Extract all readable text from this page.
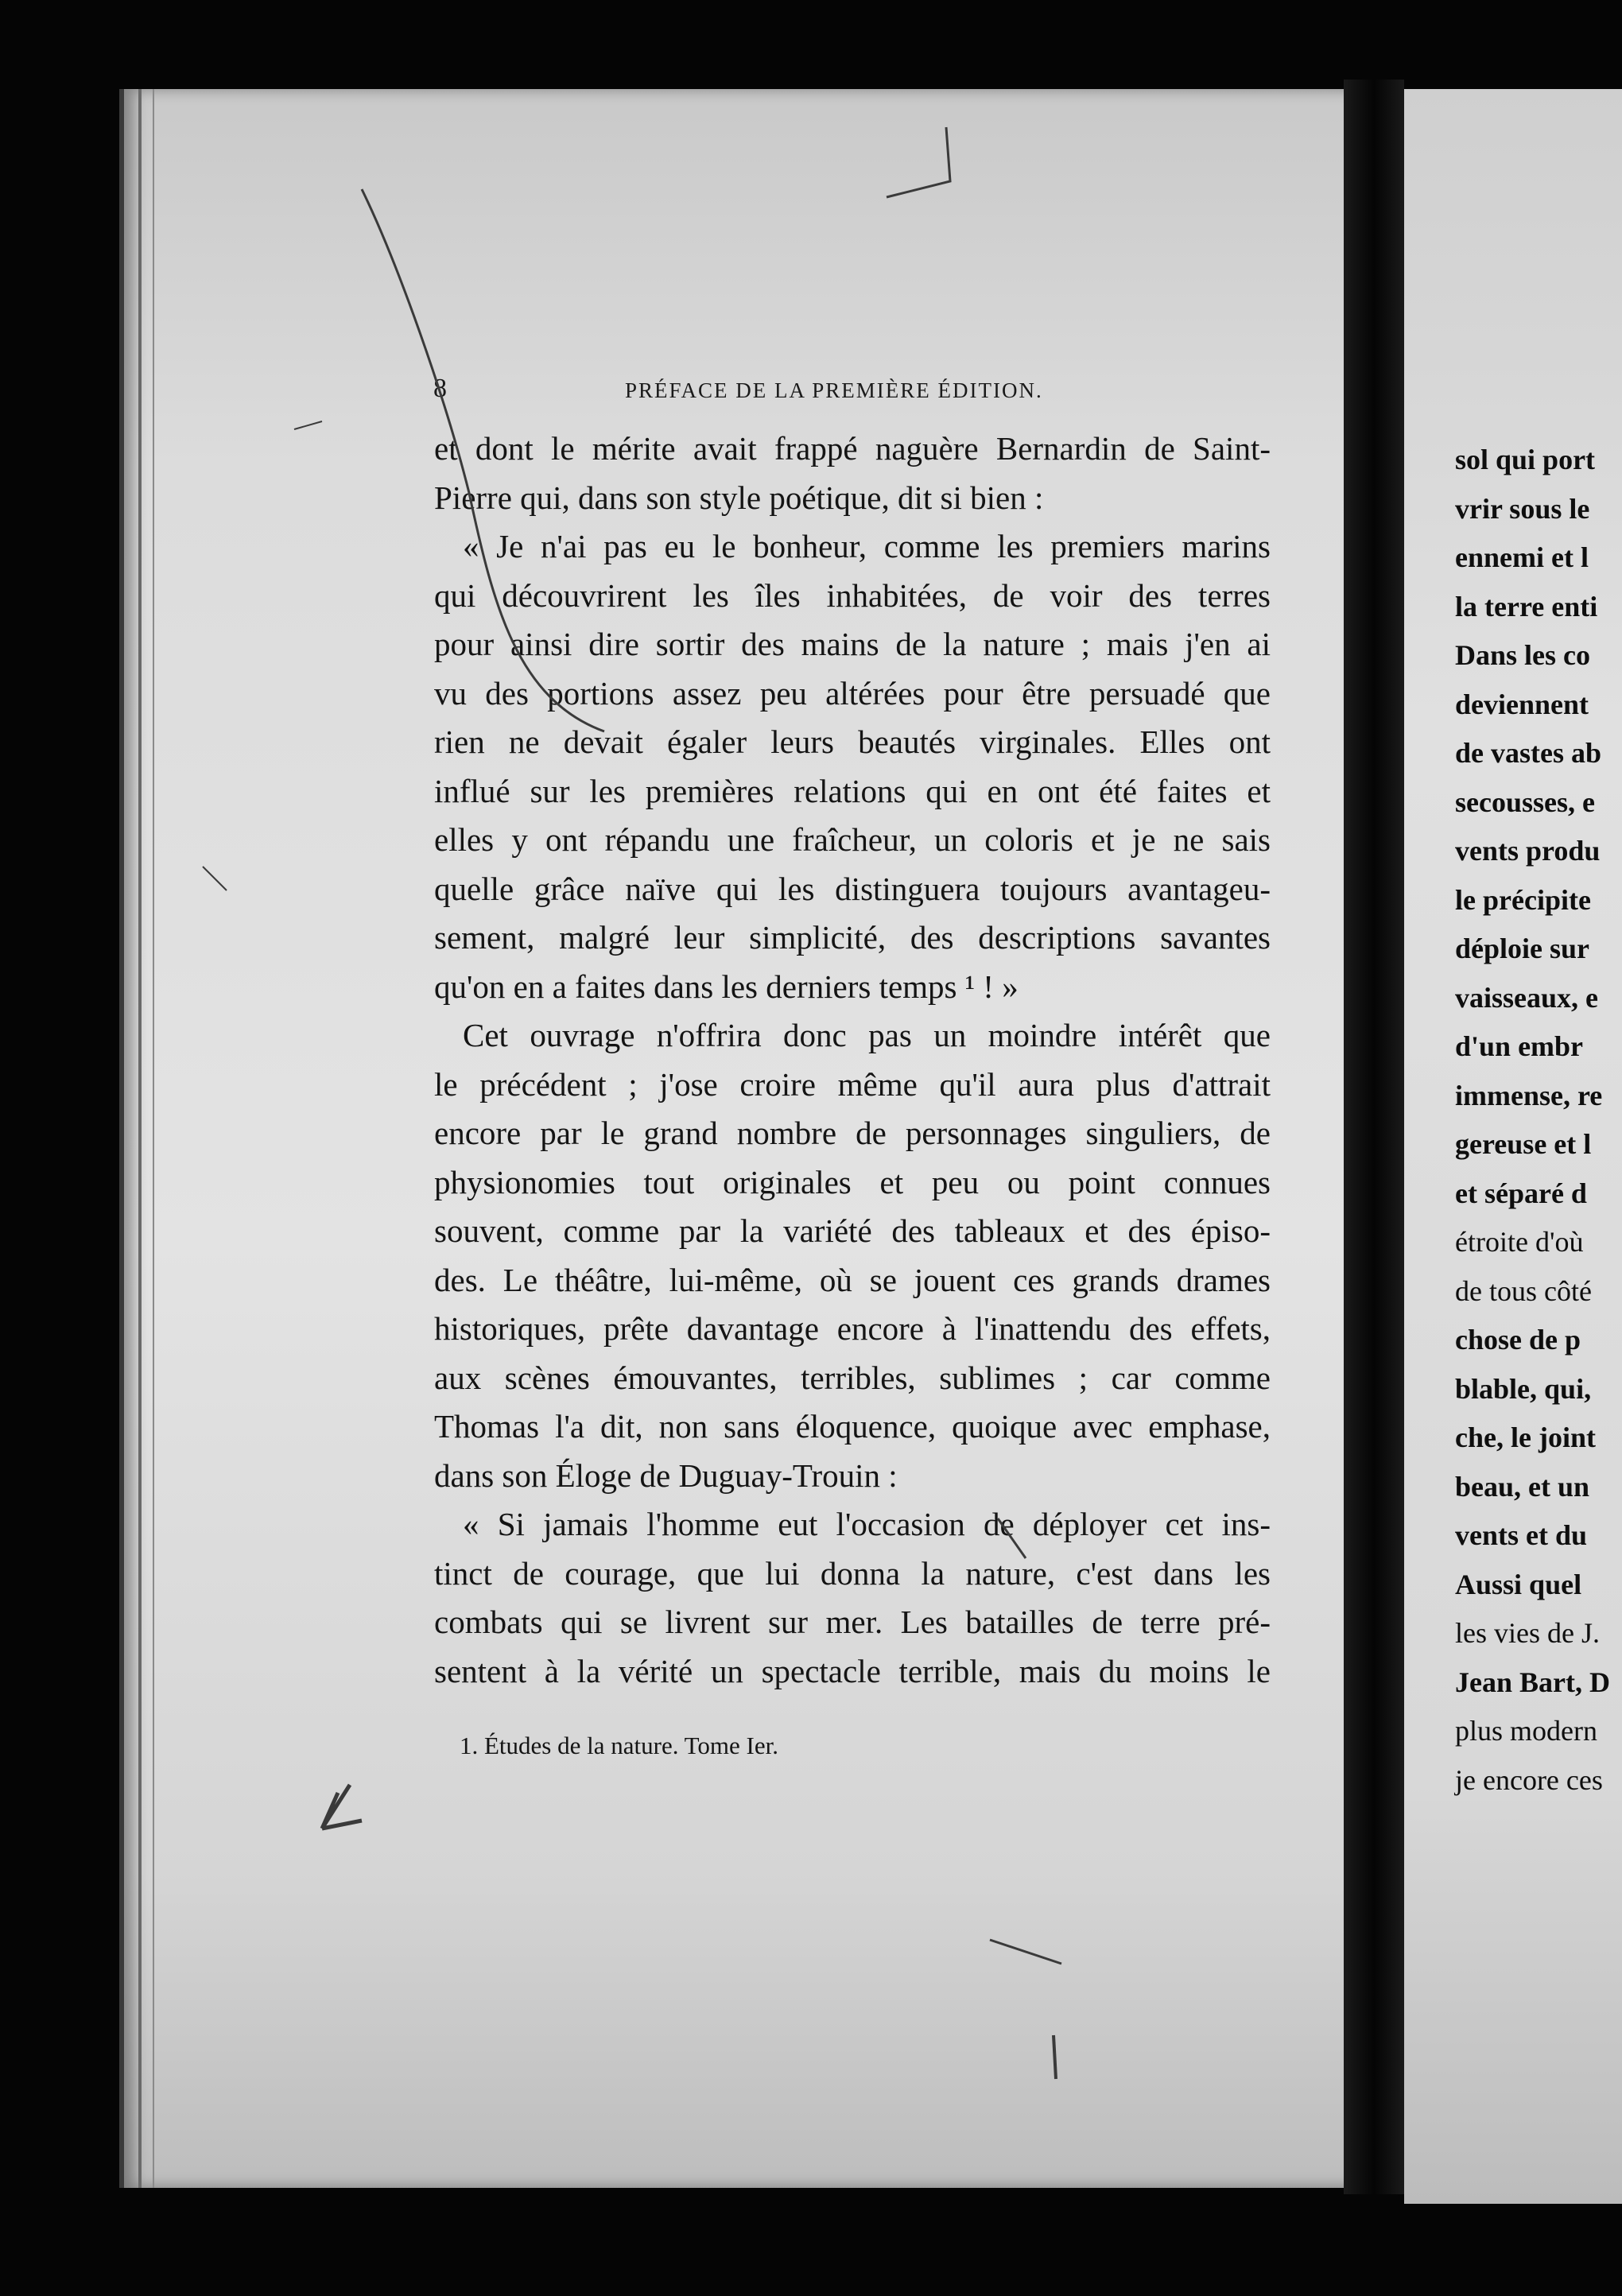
8	PRÉFACE DE LA PREMIÈRE ÉDITION.
et dont le mérite avait frappé naguère Bernardin de Saint-
Pierre qui, dans son style poétique, dit si bien :
« Je n'ai pas eu le bonheur, comme les premiers marins
qui découvrirent les îles inhabitées, de voir des terres
pour ainsi dire sortir des mains de la nature ; mais j'en ai
vu des portions assez peu altérées pour être persuadé que
rien ne devait égaler leurs beautés virginales. Elles ont
influé sur les premières relations qui en ont été faites et
elles y ont répandu une fraîcheur, un coloris et je ne sais
quelle grâce naïve qui les distinguera toujours avantageu-
sement, malgré leur simplicité, des descriptions savantes
qu'on en a faites dans les derniers temps ¹ ! »
Cet ouvrage n'offrira donc pas un moindre intérêt que
le précédent ; j'ose croire même qu'il aura plus d'attrait
encore par le grand nombre de personnages singuliers, de
physionomies tout originales et peu ou point connues
souvent, comme par la variété des tableaux et des épiso-
des. Le théâtre, lui-même, où se jouent ces grands drames
historiques, prête davantage encore à l'inattendu des effets,
aux scènes émouvantes, terribles, sublimes ; car comme
Thomas l'a dit, non sans éloquence, quoique avec emphase,
dans son Éloge de Duguay-Trouin :
« Si jamais l'homme eut l'occasion de déployer cet ins-
tinct de courage, que lui donna la nature, c'est dans les
combats qui se livrent sur mer. Les batailles de terre pré-
sentent à la vérité un spectacle terrible, mais du moins le
1. Études de la nature. Tome Ier.
sol qui port
vrir sous le
ennemi et l
la terre enti
Dans les co
deviennent
de vastes ab
secousses, e
vents produ
le précipite
déploie sur
vaisseaux, e
d'un embr
immense, re
gereuse et l
et séparé d
étroite d'où
de tous côté
chose de p
blable, qui,
che, le joint
beau, et un
vents et du
Aussi quel
les vies de J.
Jean Bart, D
plus modern
je encore ces
